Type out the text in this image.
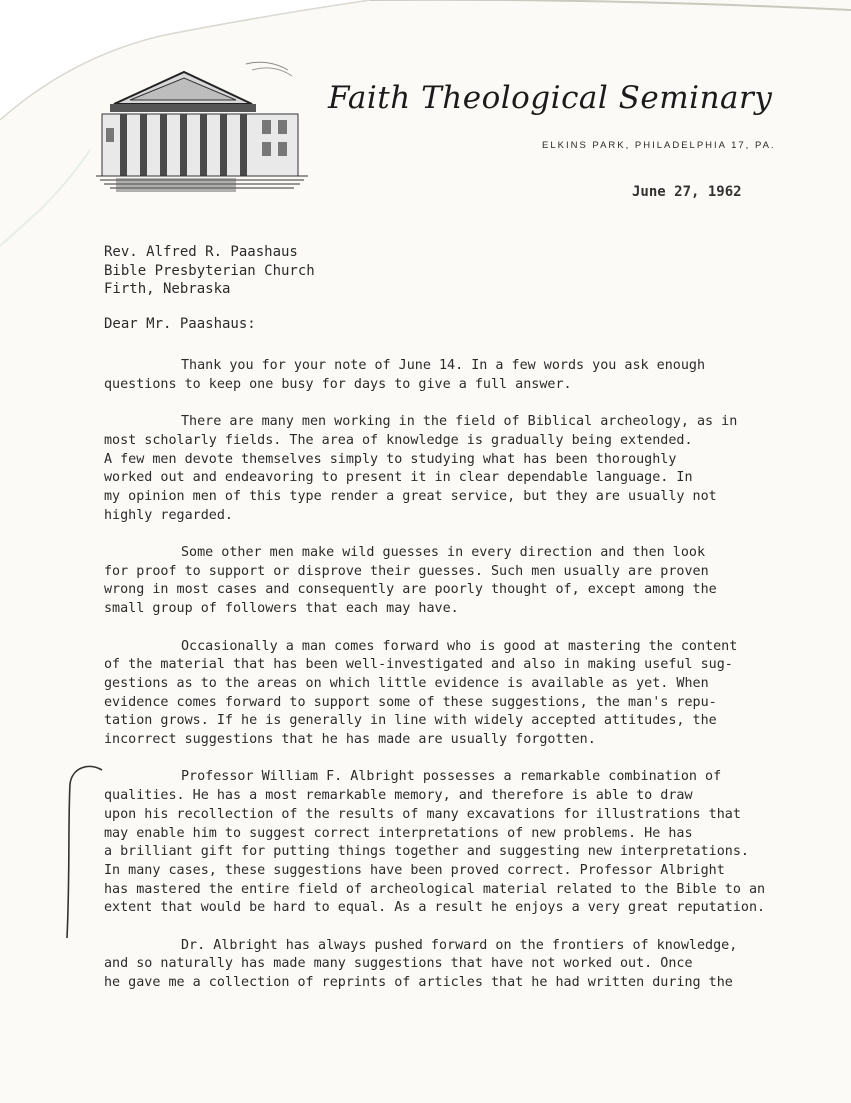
Faith Theological Seminary
ELKINS PARK, PHILADELPHIA 17, PA.
June 27, 1962
Rev. Alfred R. Paashaus
Bible Presbyterian Church
Firth, Nebraska
Dear Mr. Paashaus:
Thank you for your note of June 14. In a few words you ask enough
questions to keep one busy for days to give a full answer.
There are many men working in the field of Biblical archeology, as in
most scholarly fields. The area of knowledge is gradually being extended.
A few men devote themselves simply to studying what has been thoroughly
worked out and endeavoring to present it in clear dependable language. In
my opinion men of this type render a great service, but they are usually not
highly regarded.
Some other men make wild guesses in every direction and then look
for proof to support or disprove their guesses. Such men usually are proven
wrong in most cases and consequently are poorly thought of, except among the
small group of followers that each may have.
Occasionally a man comes forward who is good at mastering the content
of the material that has been well-investigated and also in making useful sug-
gestions as to the areas on which little evidence is available as yet. When
evidence comes forward to support some of these suggestions, the man's repu-
tation grows. If he is generally in line with widely accepted attitudes, the
incorrect suggestions that he has made are usually forgotten.
Professor William F. Albright possesses a remarkable combination of
qualities. He has a most remarkable memory, and therefore is able to draw
upon his recollection of the results of many excavations for illustrations that
may enable him to suggest correct interpretations of new problems. He has
a brilliant gift for putting things together and suggesting new interpretations.
In many cases, these suggestions have been proved correct. Professor Albright
has mastered the entire field of archeological material related to the Bible to an
extent that would be hard to equal. As a result he enjoys a very great reputation.
Dr. Albright has always pushed forward on the frontiers of knowledge,
and so naturally has made many suggestions that have not worked out. Once
he gave me a collection of reprints of articles that he had written during the
